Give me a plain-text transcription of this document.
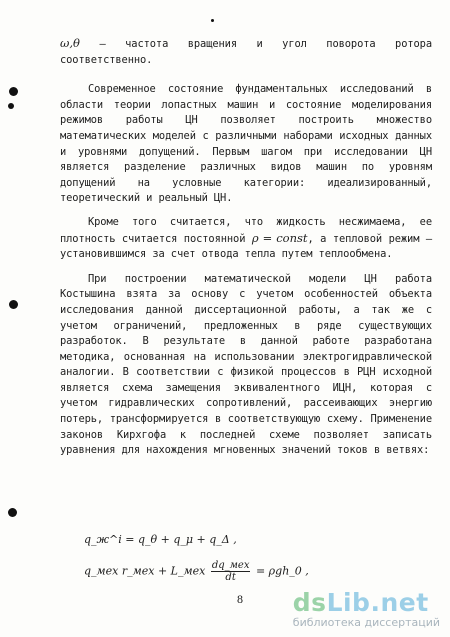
ω,θ – частота вращения и угол поворота ротора соответственно.

Современное состояние фундаментальных исследований в области теории лопастных машин и состояние моделирования режимов работы ЦН позволяет построить множество математических моделей с различными наборами исходных данных и уровнями допущений. Первым шагом при исследовании ЦН является разделение различных видов машин по уровням допущений на условные категории: идеализированный, теоретический и реальный ЦН.

Кроме того считается, что жидкость несжимаема, ее плотность считается постоянной ρ = const, а тепловой режим — установившимся за счет отвода тепла путем теплообмена.

При построении математической модели ЦН работа Костышина взята за основу с учетом особенностей объекта исследования данной диссертационной работы, а так же с учетом ограничений, предложенных в ряде существующих разработок. В результате в данной работе разработана методика, основанная на использовании электрогидравлической аналогии. В соответствии с физикой процессов в РЦН исходной является схема замещения эквивалентного ИЦН, которая с учетом гидравлических сопротивлений, рассеивающих энергию потерь, трансформируется в соответствующую схему. Применение законов Кирхгофа к последней схеме позволяет записать уравнения для нахождения мгновенных значений токов в ветвях:

q_ж^i = q_θ + q_μ + q_Δ ,
q_мех r_мех + L_мех $\frac{\text{dq\_мех}}{dt}$ = ρgh_0 ,
8 dsLib.net
библиотека диссертаций
